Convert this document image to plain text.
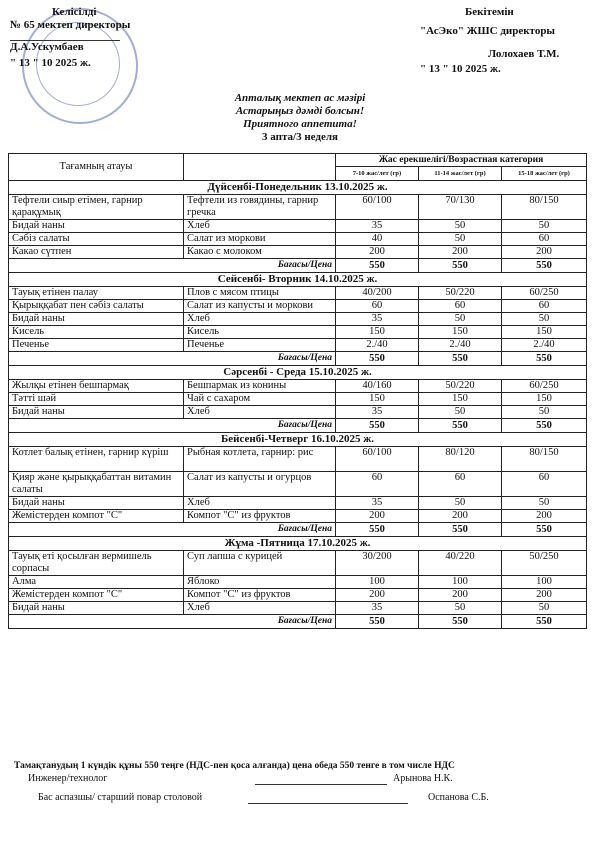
Келісілді
№ 65 мектеп директоры
Д.А.Ускумбаев
" 13 " 10 2025 ж.
Бекітемін
"АсЭко" ЖШС директоры
Лолохаев Т.М.
" 13 " 10 2025 ж.
Апталық мектеп ас мәзірі
Астарыңыз дәмді болсын!
Приятного аппетита!
3 апта/3 неделя
Тағамның атауы		Жас ерекшелігі/Возрастная категория		
		7-10 жас/лет (гр)	11-14 жас/лет (гр)	15-18 жас/лет (гр)
Дүйсенбі-Понедельник 13.10.2025 ж.				
Тефтели сиыр етімен, гарнир қарақұмық	Тефтели из говядины, гарнир гречка	60/100	70/130	80/150
Бидай наны	Хлеб	35	50	50
Сәбіз салаты	Салат из моркови	40	50	60
Какао сүтпен	Какао с молоком	200	200	200
Бағасы/Цена		550	550	550
Сейсенбі- Вторник 14.10.2025 ж.				
Тауық етінен палау	Плов с мясом птицы	40/200	50/220	60/250
Қырыққабат пен сәбіз салаты	Салат из капусты и моркови	60	60	60
Бидай наны	Хлеб	35	50	50
Кисель	Кисель	150	150	150
Печенье	Печенье	2./40	2./40	2./40
Бағасы/Цена		550	550	550
Сәрсенбі - Среда 15.10.2025 ж.				
Жылқы етінен бешпармақ	Бешпармак из конины	40/160	50/220	60/250
Тәтті шәй	Чай с сахаром	150	150	150
Бидай наны	Хлеб	35	50	50
Бағасы/Цена		550	550	550
Бейсенбі-Четверг 16.10.2025 ж.				
Котлет балық етінен, гарнир күріш	Рыбная котлета, гарнир: рис	60/100	80/120	80/150
Қияр және қырыққабаттан витамин салаты	Салат из капусты и огурцов	60	60	60
Бидай наны	Хлеб	35	50	50
Жемістерден компот "С"	Компот "С" из фруктов	200	200	200
Бағасы/Цена		550	550	550
Жұма -Пятница 17.10.2025 ж.				
Тауық еті қосылған вермишель сорпасы	Суп лапша с курицей	30/200	40/220	50/250
Алма	Яблоко	100	100	100
Жемістерден компот "С"	Компот "С" из фруктов	200	200	200
Бидай наны	Хлеб	35	50	50
Бағасы/Цена		550	550	550
Тамақтанудың 1 күндік құны 550 теңге (НДС-пен қоса алғанда) цена обеда 550 тенге в том числе НДС
Инженер/технолог	Арынова Н.К.
Бас аспазшы/ старший повар столовой	Оспанова С.Б.
